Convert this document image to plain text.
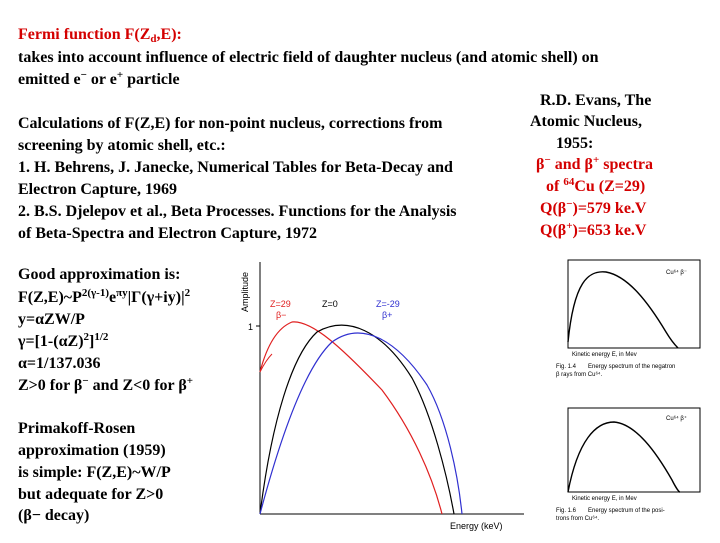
Fermi function $F(Z_d,E)$:
takes into account influence of electric field of daughter nucleus (and atomic shell) on
emitted e− or e+ particle
Calculations of F(Z,E) for non-point nucleus, corrections from
screening by atomic shell, etc.:
1. H. Behrens, J. Janecke, Numerical Tables for Beta-Decay and
Electron Capture, 1969
2. B.S. Djelepov et al., Beta Processes. Functions for the Analysis
of Beta-Spectra and Electron Capture, 1972
R.D. Evans, The
Atomic Nucleus,
1955:
β− and β+ spectra
of $^{64}$Cu (Z=29)
Q(β−)=579 ke.V
Q(β+)=653 ke.V
Good approximation is:
$F(Z,E)\sim P^{2(\gamma-1)}e^{\pi y}|\Gamma(\gamma+iy)|^2$
y=αZW/P
$\gamma=[1-(\alpha Z)^2]^{1/2}$
α=1/137.036
Z>0 for β− and Z<0 for β+
Primakoff-Rosen
approximation (1959)
is simple: F(Z,E)~W/P
but adequate for Z>0
(β− decay)
1
Amplitude
Energy (keV)
Z=29
β−
Z=0	Z=-29
β+
Cu⁶⁴ β⁻
Kinetic energy E, in Mev
Fig. 1.4 Energy spectrum of the negatron
β rays from Cu⁶⁴.
Cu⁶⁴ β⁺
Kinetic energy E, in Mev
Fig. 1.6 Energy spectrum of the posi-
trons from Cu⁶⁴.
